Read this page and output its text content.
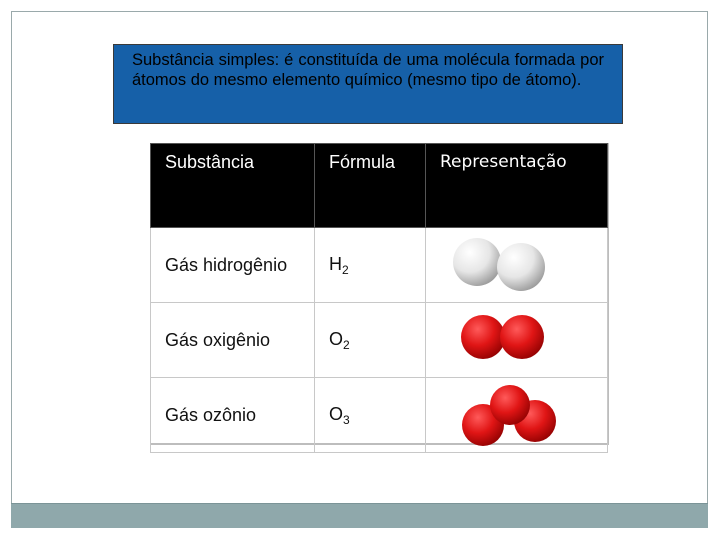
Substância simples: é constituída de uma molécula formada por átomos do mesmo elemento químico (mesmo tipo de átomo).
Substância	Fórmula	Representação
Gás hidrogênio	$H_2$	

Gás oxigênio	$O_2$	

Gás ozônio	$O_3$	
